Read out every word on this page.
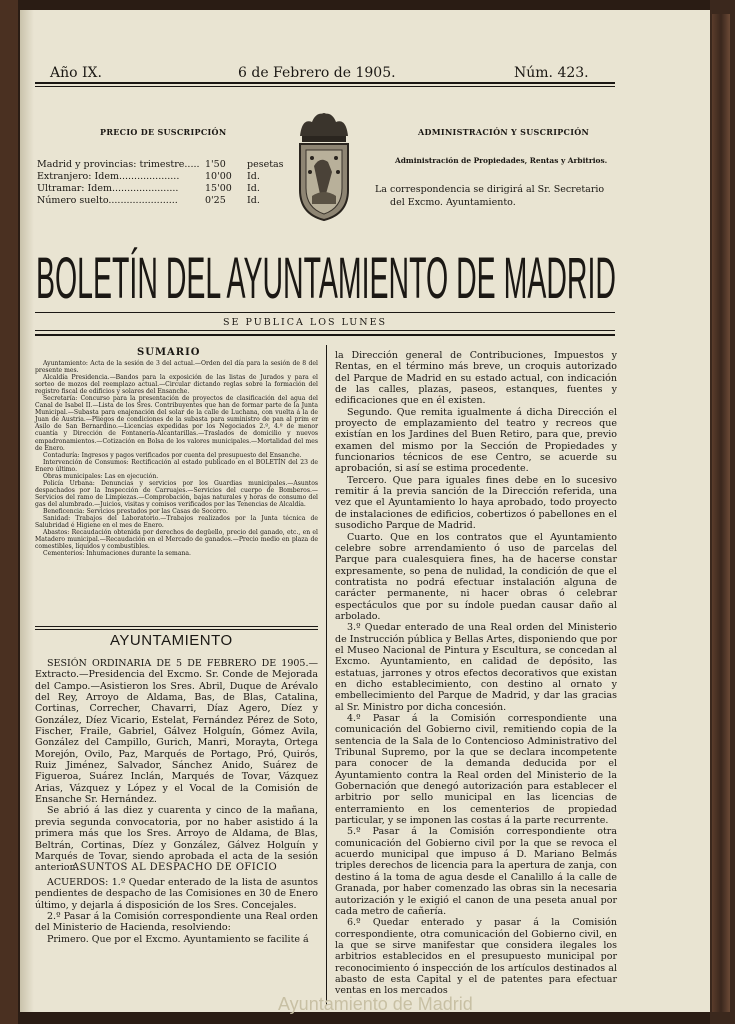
Año IX.	6 de Febrero de 1905.	Núm. 423.
PRECIO DE SUSCRIPCIÓN
Madrid y provincias: trimestre..... 1'50 pesetas
Extranjero: Idem....................	10'00 Id.
Ultramar: Idem......................	15'00 Id.
Número suelto.......................	0'25 Id.
ADMINISTRACIÓN Y SUSCRIPCIÓN
Administración de Propiedades, Rentas y Arbitrios.
La correspondencia se dirigirá al Sr. Secretario
del Excmo. Ayuntamiento.
BOLETÍN DEL AYUNTAMIENTO DE MADRID
SE PUBLICA LOS LUNES
SUMARIO

Ayuntamiento: Acta de la sesión de 3 del actual.—Orden del día para la sesión de 8 del presente mes.

Alcaldía Presidencia.—Bandos para la exposición de las listas de Jurados y para el sorteo de mozos del reemplazo actual.—Circular dictando reglas sobre la formación del registro fiscal de edificios y solares del Ensanche.

Secretaría: Concurso para la presentación de proyectos de clasificación del agua del Canal de Isabel II.—Lista de los Sres. Contribuyentes que han de formar parte de la Junta Municipal.—Subasta para enajenación del solar de la calle de Luchana, con vuelta á la de Juan de Austria.—Pliegos de condiciones de la subasta para suministro de pan al prim er Asilo de San Bernardino.—Licencias expedidas por los Negociados 2.º, 4.º de menor cuantía y Dirección de Fontanería-Alcantarillas.—Traslados de domicilio y nuevos empadronamientos.—Cotización en Bolsa de los valores municipales.—Mortalidad del mes de Enero.

Contaduría: Ingresos y pagos verificados por cuenta del presupuesto del Ensanche.

Intervención de Consumos: Rectificación al estado publicado en el BOLETÍN del 23 de Enero último.

Obras municipales: Las en ejecución.

Policía Urbana: Denuncias y servicios por los Guardias municipales.—Asuntos despachados por la Inspección de Carruajes.—Servicios del cuerpo de Bomberos.—Servicios del ramo de Limpiezas.—Comprobación, bajas naturales y horas de consumo del gas del alumbrado.—Juicios, visitas y comisos verificados por las Tenencias de Alcaldía.

Beneficencia: Servicios prestados por las Casas de Socorro.

Sanidad: Trabajos del Laboratorio.—Trabajos realizados por la Junta técnica de Salubridad é Higiene en el mes de Enero.

Abastos: Recaudación obtenida por derechos de degüello, precio del ganado, etc., en el Matadero municipal.—Recaudación en el Mercado de ganados.—Precio medio en plaza de comestibles, líquidos y combustibles.

Cementerios: Inhumaciones durante la semana.

AYUNTAMIENTO

SESIÓN ORDINARIA DE 5 DE FEBRERO DE 1905.—Extracto.—Presidencia del Excmo. Sr. Conde de Mejorada del Campo.—Asistieron los Sres. Abril, Duque de Arévalo del Rey, Arroyo de Aldama, Bas, de Blas, Catalina, Cortinas, Correcher, Chavarri, Díaz Agero, Díez y González, Díez Vicario, Estelat, Fernández Pérez de Soto, Fischer, Fraile, Gabriel, Gálvez Holguín, Gómez Avila, González del Campillo, Gurich, Manri, Morayta, Ortega Morejón, Ovilo, Paz, Marqués de Portago, Pró, Quirós, Ruiz Jiménez, Salvador, Sánchez Anido, Suárez de Figueroa, Suárez Inclán, Marqués de Tovar, Vázquez Arias, Vázquez y López y el Vocal de la Comisión de Ensanche Sr. Hernández.

Se abrió á las diez y cuarenta y cinco de la mañana, previa segunda convocatoria, por no haber asistido á la primera más que los Sres. Arroyo de Aldama, de Blas, Beltrán, Cortinas, Díez y González, Gálvez Holguín y Marqués de Tovar, siendo aprobada el acta de la sesión anterior.

ASUNTOS AL DESPACHO DE OFICIO

ACUERDOS: 1.º Quedar enterado de la lista de asuntos pendientes de despacho de las Comisiones en 30 de Enero último, y dejarla á disposición de los Sres. Concejales.

2.º Pasar á la Comisión correspondiente una Real orden del Ministerio de Hacienda, resolviendo:

Primero. Que por el Excmo. Ayuntamiento se facilite á

la Dirección general de Contribuciones, Impuestos y Rentas, en el término más breve, un croquis autorizado del Parque de Madrid en su estado actual, con indicación de las calles, plazas, paseos, estanques, fuentes y edificaciones que en él existen.

Segundo. Que remita igualmente á dicha Dirección el proyecto de emplazamiento del teatro y recreos que existían en los Jardines del Buen Retiro, para que, previo examen del mismo por la Sección de Propiedades y funcionarios técnicos de ese Centro, se acuerde su aprobación, si así se estima procedente.

Tercero. Que para iguales fines debe en lo sucesivo remitir á la previa sanción de la Dirección referida, una vez que el Ayuntamiento lo haya aprobado, todo proyecto de instalaciones de edificios, cobertizos ó pabellones en el susodicho Parque de Madrid.

Cuarto. Que en los contratos que el Ayuntamiento celebre sobre arrendamiento ó uso de parcelas del Parque para cualesquiera fines, ha de hacerse constar expresamente, so pena de nulidad, la condición de que el contratista no podrá efectuar instalación alguna de carácter permanente, ni hacer obras ó celebrar espectáculos que por su índole puedan causar daño al arbolado.

3.º Quedar enterado de una Real orden del Ministerio de Instrucción pública y Bellas Artes, disponiendo que por el Museo Nacional de Pintura y Escultura, se concedan al Excmo. Ayuntamiento, en calidad de depósito, las estatuas, jarrones y otros efectos decorativos que existan en dicho establecimiento, con destino al ornato y embellecimiento del Parque de Madrid, y dar las gracias al Sr. Ministro por dicha concesión.

4.º Pasar á la Comisión correspondiente una comunicación del Gobierno civil, remitiendo copia de la sentencia de la Sala de lo Contencioso Administrativo del Tribunal Supremo, por la que se declara incompetente para conocer de la demanda deducida por el Ayuntamiento contra la Real orden del Ministerio de la Gobernación que denegó autorización para establecer el arbitrio por sello municipal en las licencias de enterramiento en los cementerios de propiedad particular, y se imponen las costas á la parte recurrente.

5.º Pasar á la Comisión correspondiente otra comunicación del Gobierno civil por la que se revoca el acuerdo municipal que impuso á D. Mariano Belmás triples derechos de licencia para la apertura de zanja, con destino á la toma de agua desde el Canalillo á la calle de Granada, por haber comenzado las obras sin la necesaria autorización y le exigió el canon de una peseta anual por cada metro de cañería.

6.º Quedar enterado y pasar á la Comisión correspondiente, otra comunicación del Gobierno civil, en la que se sirve manifestar que considera ilegales los arbitrios establecidos en el presupuesto municipal por reconocimiento ó inspección de los artículos destinados al abasto de esta Capital y el de patentes para efectuar ventas en los mercados

Ayuntamiento de Madrid
